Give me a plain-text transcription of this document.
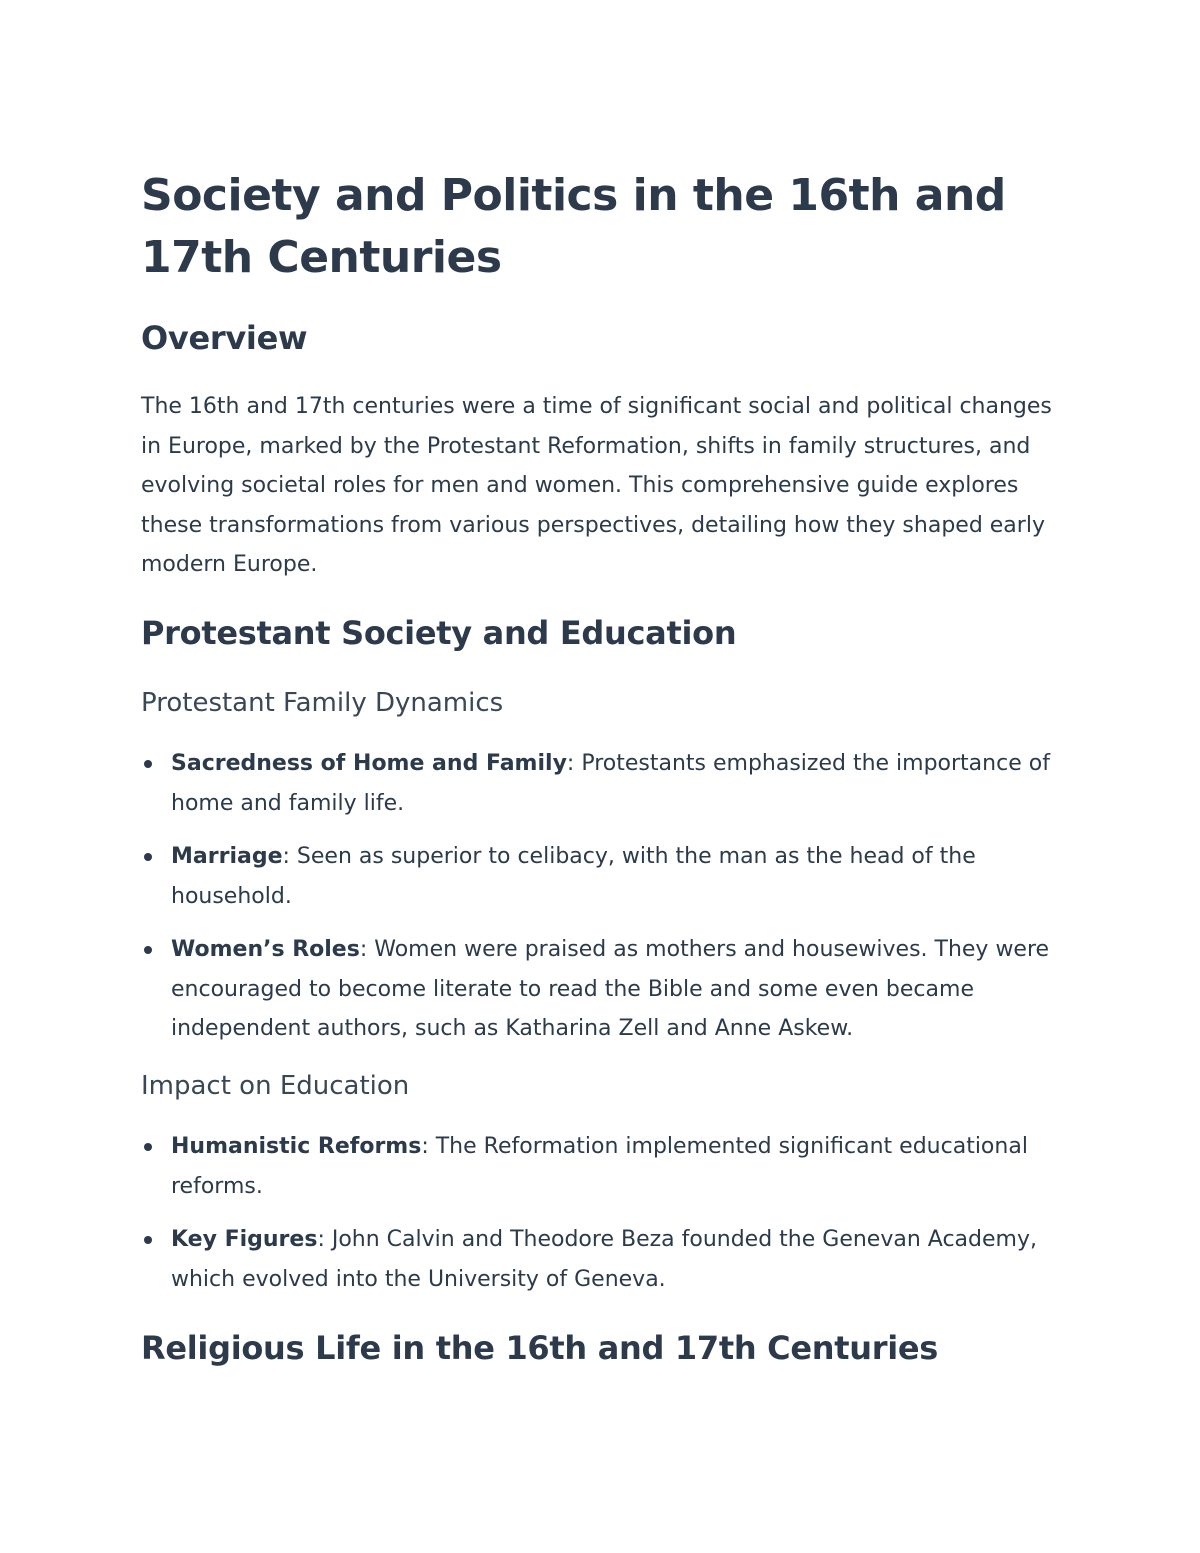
Society and Politics in the 16th and 17th Centuries
Overview

The 16th and 17th centuries were a time of significant social and political changes in Europe, marked by the Protestant Reformation, shifts in family structures, and evolving societal roles for men and women. This comprehensive guide explores these transformations from various perspectives, detailing how they shaped early modern Europe.

Protestant Society and Education
Protestant Family Dynamics
Sacredness of Home and Family: Protestants emphasized the importance of home and family life.
Marriage: Seen as superior to celibacy, with the man as the head of the household.
Women’s Roles: Women were praised as mothers and housewives. They were encouraged to become literate to read the Bible and some even became independent authors, such as Katharina Zell and Anne Askew.
Impact on Education
Humanistic Reforms: The Reformation implemented significant educational reforms.
Key Figures: John Calvin and Theodore Beza founded the Genevan Academy, which evolved into the University of Geneva.
Religious Life in the 16th and 17th Centuries
